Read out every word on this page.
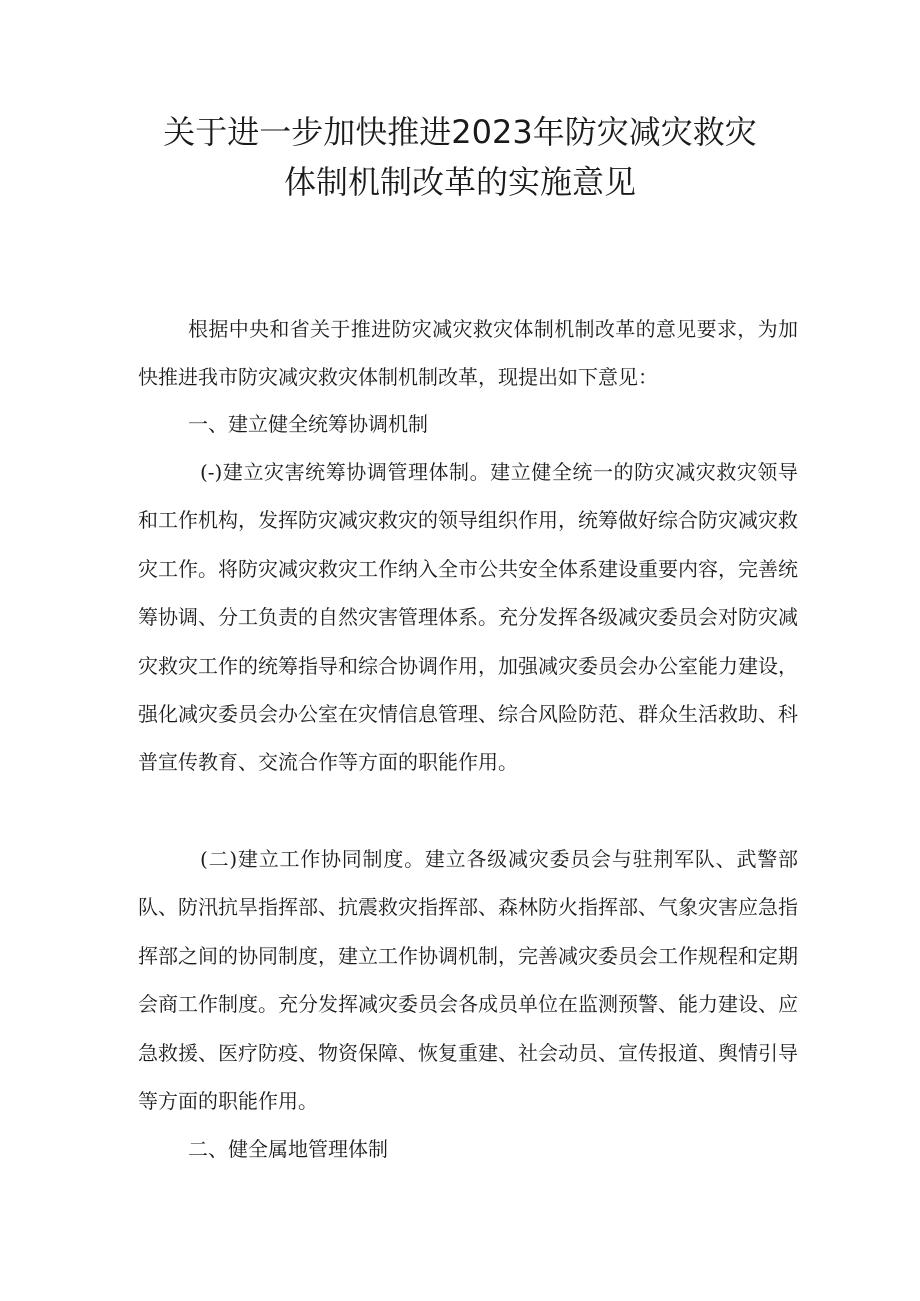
关于进一步加快推进2023年防灾减灾救灾
体制机制改革的实施意见

根据中央和省关于推进防灾减灾救灾体制机制改革的意见要求，为加快推进我市防灾减灾救灾体制机制改革，现提出如下意见：

一、建立健全统筹协调机制

(-)建立灾害统筹协调管理体制。建立健全统一的防灾减灾救灾领导和工作机构，发挥防灾减灾救灾的领导组织作用，统筹做好综合防灾减灾救灾工作。将防灾减灾救灾工作纳入全市公共安全体系建设重要内容，完善统筹协调、分工负责的自然灾害管理体系。充分发挥各级减灾委员会对防灾减灾救灾工作的统筹指导和综合协调作用，加强减灾委员会办公室能力建设，强化减灾委员会办公室在灾情信息管理、综合风险防范、群众生活救助、科普宣传教育、交流合作等方面的职能作用。

(二)建立工作协同制度。建立各级减灾委员会与驻荆军队、武警部队、防汛抗旱指挥部、抗震救灾指挥部、森林防火指挥部、气象灾害应急指挥部之间的协同制度，建立工作协调机制，完善减灾委员会工作规程和定期会商工作制度。充分发挥减灾委员会各成员单位在监测预警、能力建设、应急救援、医疗防疫、物资保障、恢复重建、社会动员、宣传报道、舆情引导等方面的职能作用。

二、健全属地管理体制
